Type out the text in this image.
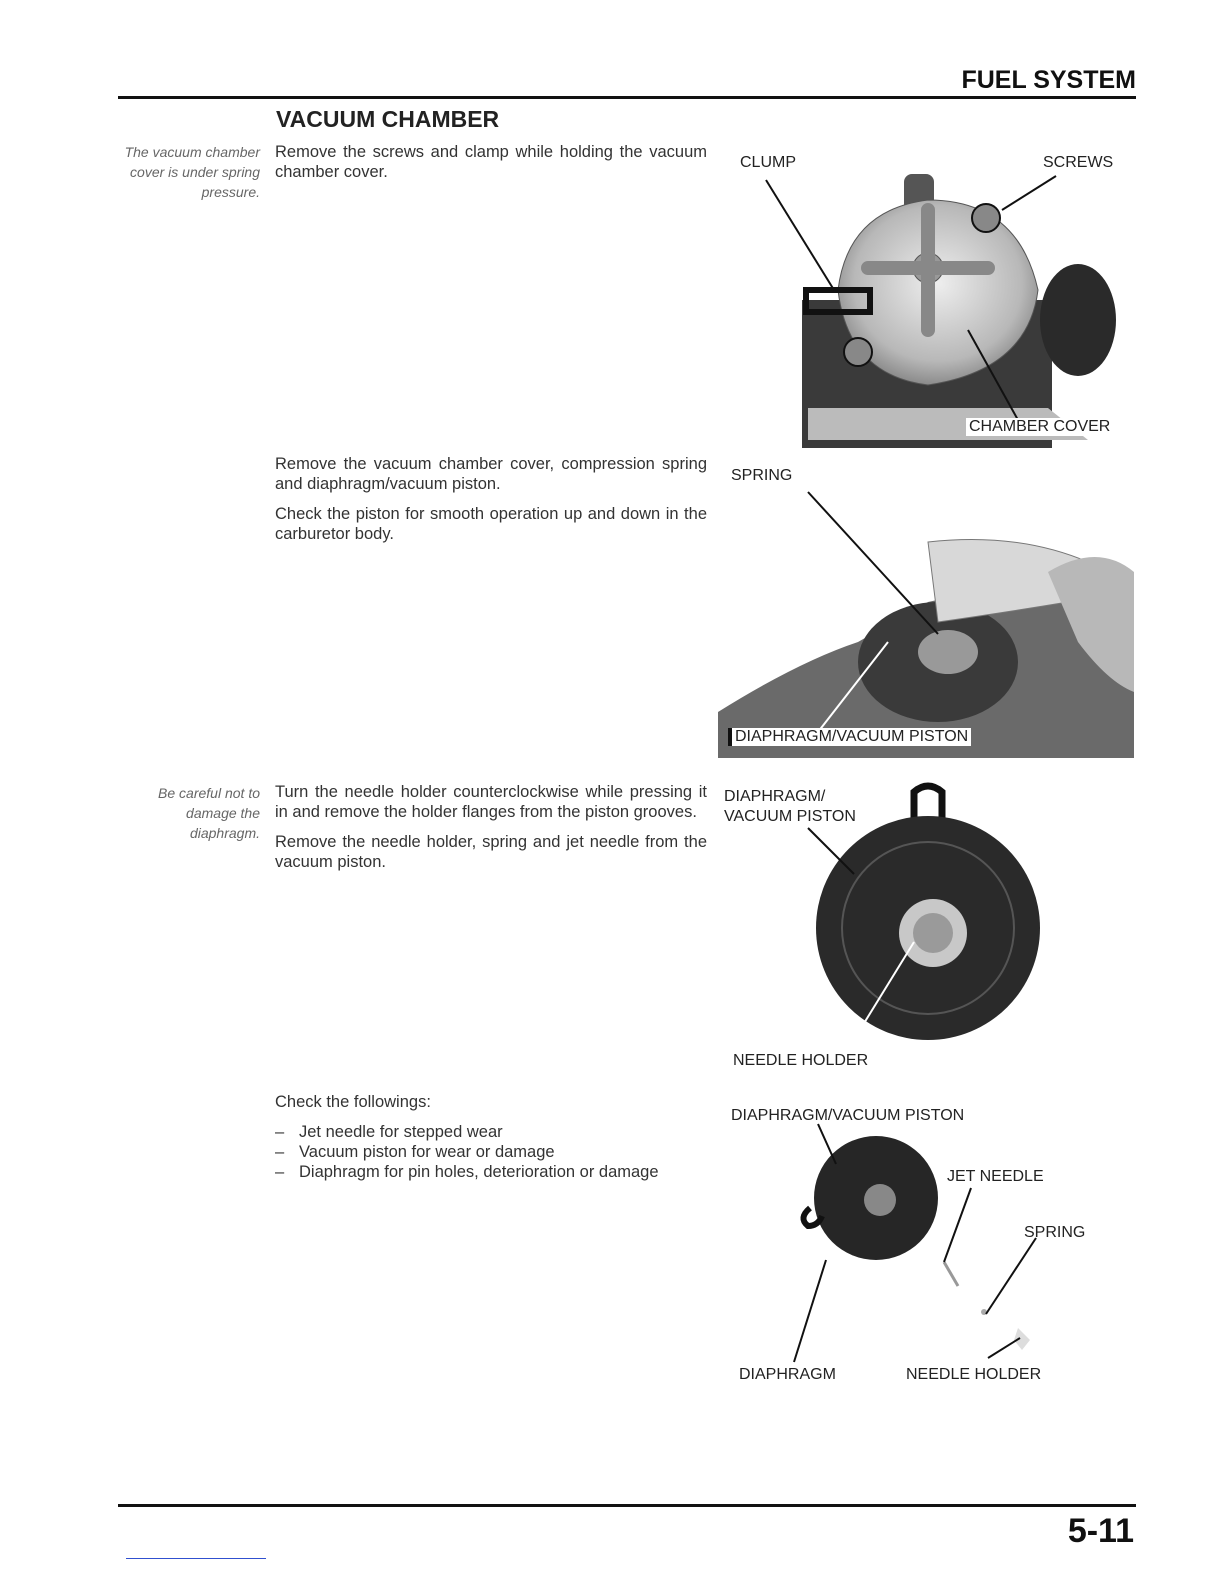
FUEL SYSTEM
VACUUM CHAMBER
The vacuum chamber cover is under spring pressure.
Be careful not to damage the diaphragm.

Remove the screws and clamp while holding the vacuum chamber cover.

Remove the vacuum chamber cover, compression spring and diaphragm/vacuum piston.

Check the piston for smooth operation up and down in the carburetor body.

Turn the needle holder counterclockwise while pressing it in and remove the holder flanges from the piston grooves.

Remove the needle holder, spring and jet needle from the vacuum piston.

Check the followings:

– Jet needle for stepped wear
– Vacuum piston for wear or damage
– Diaphragm for pin holes, deterioration or damage
CLUMP	SCREWS
CHAMBER COVER
SPRING
DIAPHRAGM/VACUUM PISTON
DIAPHRAGM/
VACUUM PISTON
NEEDLE HOLDER
DIAPHRAGM/VACUUM PISTON
JET NEEDLE
SPRING
DIAPHRAGM	NEEDLE HOLDER
5-11
